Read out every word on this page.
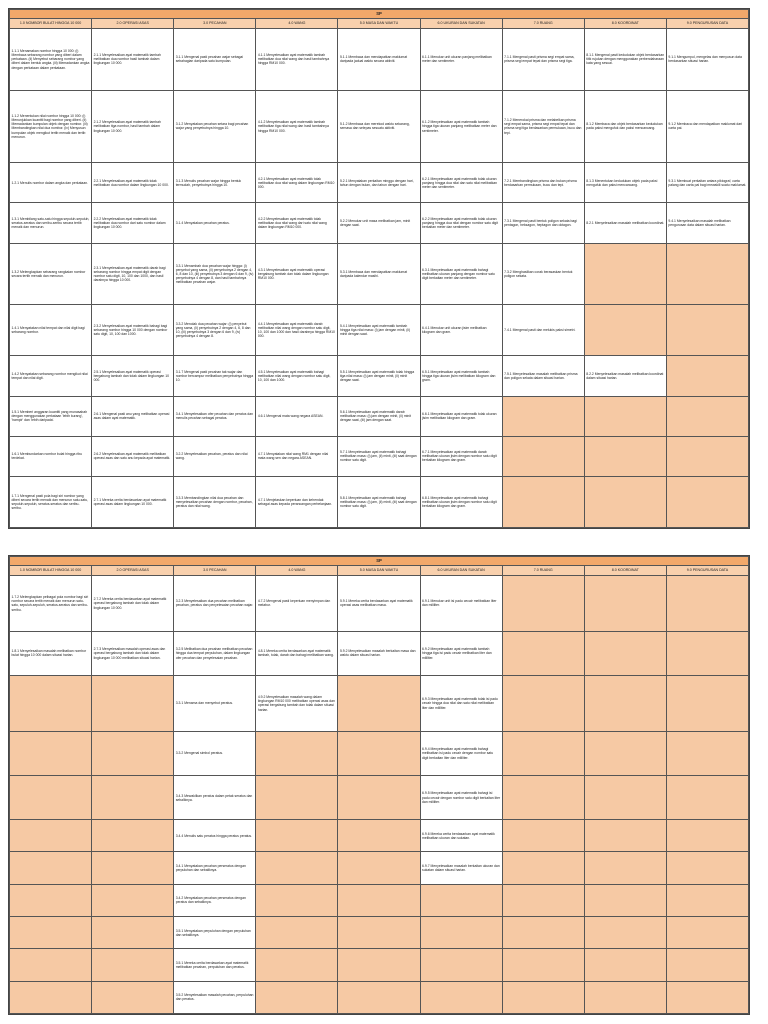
SP								
1.0 NOMBOR BULAT HINGGA 10 000	2.0 OPERASI ASAS	3.0 PECAHAN	4.0 WANG	5.0 MASA DAN WAKTU	6.0 UKURAN DAN SUKATAN	7.0 RUANG	8.0 KOORDINAT	9.0 PENGURUSAN DATA
1.1.1 Menamakan nombor hingga 10 000: (i) Membaca sebarang nombor yang diberi dalam perkataan. (ii) Menyebut sebarang nombor yang diberi dalam bentuk angka. (iii) Memadankan angka dengan perkataan dalam perkataan.	2.1.1 Menyelesaikan ayat matematik tambah melibatkan dua nombor hasil tambah dalam lingkungan 10 000.	3.1.1 Mengenal pasti pecahan wajar sebagai sebahagian daripada satu kumpulan.	4.1.1 Menyelesaikan ayat matematik tambah melibatkan dua nilai wang dan hasil tambahnya hingga RM10 000.	5.1.1 Membaca dan mendapatkan maklumat daripada jadual waktu secara aktiviti.	6.1.1 Menukar unit ukuran panjang melibatkan meter dan sentimeter.	7.1.1 Mengenal pasti prisma segi empat sama, prisma segi empat tepat dan prisma segi tiga.	8.1.1 Mengenal pasti kedudukan objek berdasarkan titik rujukan dengan menggunakan perbendaharaan kata yang sesuai.	9.1.1 Mengumpul, mengelas dan menyusun data berdasarkan situasi harian.
1.1.2 Menentukan nilai nombor hingga 10 000: (i) Menunjukkan kuantiti bagi nombor yang diberi. (ii) Memadankan kumpulan objek dengan nombor. (iii) Membandingkan nilai dua nombor. (iv) Menyusun kumpulan objek mengikut tertib menaik dan tertib menurun.	2.1.2 Menyelesaikan ayat matematik tambah melibatkan tiga nombor, hasil tambah dalam lingkungan 10 000.	3.1.2 Menyatakan pecahan setara bagi pecahan wajar yang penyebutnya hingga 10.	4.1.2 Menyelesaikan ayat matematik tambah melibatkan tiga nilai wang dan hasil tambahnya hingga RM10 000.	5.1.2 Membaca dan merekod waktu sekarang, semasa dan selepas sesuatu aktiviti.	6.1.2 Menyelesaikan ayat matematik tambah hingga tiga ukuran panjang melibatkan meter dan sentimeter.	7.1.2 Menerokai prisma dan melabelkan prisma segi empat sama, prisma segi empat tepat dan prisma segi tiga berdasarkan permukaan, bucu dan tepi.	8.1.2 Membaca dan objek berdasarkan kedudukan pada paksi mengufuk dan paksi mencancang.	9.1.2 Membaca dan mendapatkan maklumat dari carta pai.
1.2.1 Menulis nombor dalam angka dan perkataan.	2.2.1 Menyelesaikan ayat matematik tolak melibatkan dua nombor dalam lingkungan 10 000.	3.1.3 Menulis pecahan wajar hingga bentuk termudah, penyebutnya hingga 10.	4.2.1 Menyelesaikan ayat matematik tolak melibatkan dua nilai wang dalam lingkungan RM10 000.	5.2.1 Menyatakan perkaitan minggu dengan hari, tahun dengan bulan, dan tahun dengan hari.	6.2.1 Menyelesaikan ayat matematik tolak ukuran panjang hingga dua nilai dan satu nilai melibatkan meter dan sentimeter.	7.2.1 Membandingkan prisma dan bukan prisma berdasarkan permukaan, bucu dan tepi.	8.1.3 Menentukan kedudukan objek pada paksi mengufuk dan paksi mencancang.	9.3.1 Membuat perkaitan antara piktograf, carta palang dan carta pai bagi mewakili suatu maklumat.
1.3.1 Membilang satu-satu hingga sepuluh-sepuluh, seratus-seratus dan seribu-seribu secara tertib menaik dan menurun.	2.2.2 Menyelesaikan ayat matematik tolak melibatkan dua nombor dari satu nombor dalam lingkungan 10 000.	3.1.4 Menyatakan pecahan peratus.	4.2.2 Menyelesaikan ayat matematik tolak melibatkan dua nilai wang dari satu nilai wang dalam lingkungan RM10 000.	5.2.2 Menukar unit masa melibatkan jam, minit dengan saat.	6.2.2 Menyelesaikan ayat matematik tolak ukuran panjang hingga dua nilai dengan nombor satu digit berkaitan meter dan sentimeter.	7.3.1 Mengenal pasti bentuk poligon sekata bagi pentagon, heksagon, heptagon dan oktagon.	8.2.1 Menyelesaikan masalah melibatkan koordinat.	9.4.1 Menyelesaikan masalah melibatkan pengurusan data dalam situasi harian.
1.3.2 Melengkapkan sebarang rangkaian nombor secara tertib menaik dan menurun.	2.3.1 Menyelesaikan ayat matematik darab bagi sebarang nombor hingga empat digit dengan nombor satu digit, 10, 100 dan 1000, dan hasil darabnya hingga 10 000.	3.3.1 Menambah dua pecahan wajar hingga: (i) penyebut yang sama, (ii) penyebutnya 2 dengan 4, 6, 8 dan 10, (iii) penyebutnya 3 dengan 6 dan 9, (iv) penyebutnya 4 dengan 8, dan hasil tambahnya melibatkan pecahan wajar.	4.3.1 Menyelesaikan ayat matematik operasi bergabung tambah dan tolak dalam lingkungan RM10 000.	5.3.1 Membaca dan mendapatkan maklumat daripada kalendar masihi.	6.3.1 Menyelesaikan ayat matematik bahagi melibatkan ukuran panjang dengan nombor satu digit berkaitan meter dan sentimeter.	7.3.2 Menghasilkan corak berasaskan bentuk poligon sekata.		
1.4.1 Menyatakan nilai tempat dan nilai digit bagi sebarang nombor.	2.3.2 Menyelesaikan ayat matematik bahagi bagi sebarang nombor hingga 10 000 dengan nombor satu digit, 10, 100 dan 1000.	3.3.2 Menolak dua pecahan wajar: (i) penyebut yang sama, (ii) penyebutnya 2 dengan 4, 6, 8 dan 10, (iii) penyebutnya 3 dengan 6 dan 9, (iv) penyebutnya 4 dengan 8.	4.4.1 Menyelesaikan ayat matematik darab melibatkan nilai wang dengan nombor satu digit, 10, 100 dan 1000 dan hasil darabnya hingga RM10 000.	5.4.1 Menyelesaikan ayat matematik tambah hingga tiga nilai masa: (i) jam dengan minit, (ii) minit dengan saat.	6.4.1 Menukar unit ukuran jisim melibatkan kilogram dan gram.	7.4.1 Mengenal pasti dan melukis paksi simetri.		
1.4.2 Menyatakan sebarang nombor mengikut nilai tempat dan nilai digit.	2.5.1 Menyelesaikan ayat matematik operasi bergabung tambah dan tolak dalam lingkungan 10 000.	3.1.7 Mengenal pasti pecahan tak wajar dan nombor bercampur melibatkan penyebutnya hingga 10.	4.5.1 Menyelesaikan ayat matematik bahagi melibatkan nilai wang dengan nombor satu digit, 10, 100 dan 1000.	5.5.1 Menyelesaikan ayat matematik tolak hingga tiga nilai masa: (i) jam dengan minit, (ii) minit dengan saat.	6.5.1 Menyelesaikan ayat matematik tambah hingga tiga ukuran jisim melibatkan kilogram dan gram.	7.5.1 Menyelesaikan masalah melibatkan prisma dan poligon sekata dalam situasi harian.	8.2.2 Menyelesaikan masalah melibatkan koordinat dalam situasi harian.	
1.5.1 Memberi anggaran kuantiti yang munasabah dengan menggunakan perkataan 'lebih kurang', 'hampir' dan 'lebih daripada'.	2.6.1 Mengenal pasti anu yang melibatkan operasi asas dalam ayat matematik.	3.4.1 Menyelesaikan ofer pecahan dan peratus dan menulis pecahan sebagai peratus.	4.6.1 Mengenal mata wang negara ASEAN.	5.6.1 Menyelesaikan ayat matematik darab melibatkan masa: (i) jam dengan minit, (ii) minit dengan saat, (iii) jam dengan saat.	6.6.1 Menyelesaikan ayat matematik tolak ukuran jisim melibatkan kilogram dan gram.			
1.6.1 Membundarkan nombor bulat hingga ribu terdekat.	2.6.2 Menyelesaikan ayat matematik melibatkan operasi asas dan satu anu kepada ayat matematik.	3.2.2 Menyelesaikan pecahan, peratus dan nilai wang.	4.7.1 Menyatakan nilai wang RM1 dengan nilai mata wang sen dan negara ASEAN.	5.7.1 Menyelesaikan ayat matematik bahagi melibatkan masa: (i) jam, (ii) minit, (iii) saat dengan nombor satu digit.	6.7.1 Menyelesaikan ayat matematik darab melibatkan ukuran jisim dengan nombor satu digit berkaitan kilogram dan gram.			
1.7.1 Mengenal pasti pola bagi siri nombor yang diberi secara tertib menaik dan menurun satu-satu, sepuluh-sepuluh, seratus-seratus dan seribu-seribu.	2.7.1 Mereka cerita berdasarkan ayat matematik operasi asas dalam lingkungan 10 000.	3.3.3 Membandingkan nilai dua pecahan dan menyelesaikan pecahan dengan nombor, pecahan, peratus dan nilai wang.	4.7.1 Menjelaskan keperluan dan kehendak sebagai asas kepada perancangan perbelanjaan.	5.8.1 Menyelesaikan ayat matematik bahagi melibatkan masa: (i) jam, (ii) minit, (iii) saat dengan nombor satu digit.	6.8.1 Menyelesaikan ayat matematik bahagi melibatkan ukuran jisim dengan nombor satu digit berkaitan kilogram dan gram.			
SP								
1.0 NOMBOR BULAT HINGGA 10 000	2.0 OPERASI ASAS	3.0 PECAHAN	4.0 WANG	5.0 MASA DAN WAKTU	6.0 UKURAN DAN SUKATAN	7.0 RUANG	8.0 KOORDINAT	9.0 PENGURUSAN DATA
1.7.2 Melengkapkan pelbagai pola nombor bagi siri nombor secara tertib menaik dan menurun satu-satu, sepuluh-sepuluh, seratus-seratus dan seribu-seribu.	2.7.2 Mereka cerita berdasarkan ayat matematik operasi bergabung tambah dan tolak dalam lingkungan 10 000.	3.2.3 Menyelesaikan dua pecahan melibatkan pecahan, peratus dan penyelesaian pecahan wajar.	4.7.2 Mengenal pasti keperluan menyimpan dan melabur.	5.9.1 Mereka cerita berdasarkan ayat matematik operasi asas melibatkan masa.	6.9.1 Menukar unit isi padu cecair melibatkan liter dan mililiter.			
1.8.1 Menyelesaikan masalah melibatkan nombor bulat hingga 10 000 dalam situasi harian.	2.7.3 Menyelesaikan masalah operasi asas dan operasi bergabung tambah dan tolak dalam lingkungan 10 000 melibatkan situasi harian.	3.2.5 Melibatkan dua pecahan melibatkan pecahan hingga dua tempat perpuluhan, dalam lingkungan ofer pecahan dan penyelesaian pecahan.	4.8.1 Mereka cerita berdasarkan ayat matematik tambah, tolak, darab dan bahagi melibatkan wang.	5.9.2 Menyelesaikan masalah berkaitan masa dan waktu dalam situasi harian.	6.9.2 Menyelesaikan ayat matematik tambah hingga tiga isi padu cecair melibatkan liter dan mililiter.			
		3.3.1 Menama dan menyebut peratus.	4.9.2 Menyelesaikan masalah wang dalam lingkungan RM10 000 melibatkan operasi asas dan operasi bergabung tambah dan tolak dalam situasi harian.		6.9.3 Menyelesaikan ayat matematik tolak isi padu cecair hingga dua nilai dan satu nilai melibatkan liter dan mililiter.			
		3.3.2 Mengenal simbol peratus.			6.9.4 Menyelesaikan ayat matematik bahagi melibatkan isi padu cecair dengan nombor satu digit berkaitan liter dan mililiter.			
		3.4.3 Mewakilkan peratus dalam petak seratus dan sebaliknya.			6.9.5 Menyelesaikan ayat matematik bahagi isi padu cecair dengan nombor satu digit berkaitan liter dan mililiter.			
		3.4.4 Menulis satu peratus hingga peratus peratus.			6.9.6 Mereka cerita berdasarkan ayat matematik melibatkan ukuran dan sukatan.			
		3.4.1 Menyatakan pecahan perseratus dengan perpuluhan dan sebaliknya.			6.9.7 Menyelesaikan masalah berkaitan ukuran dan sukatan dalam situasi harian.			
		3.4.2 Menyatakan pecahan perseratus dengan peratus dan sebaliknya.						
		3.5.1 Menyatakan perpuluhan dengan perpuluhan dan sebaliknya.						
		3.5.1 Mereka cerita berdasarkan ayat matematik melibatkan pecahan, perpuluhan dan peratus.						
		3.5.2 Menyelesaikan masalah pecahan, perpuluhan dan peratus.						
